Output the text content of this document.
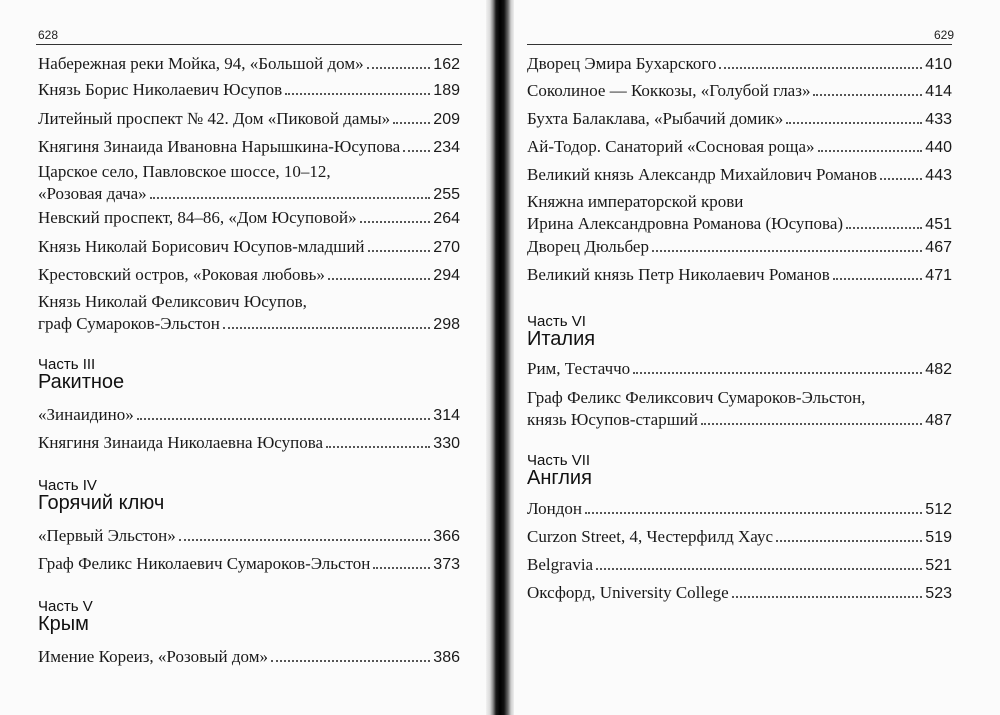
628	629
Набережная реки Мойка, 94, «Большой дом»	162
Князь Борис Николаевич Юсупов	189
Литейный проспект № 42. Дом «Пиковой дамы»	209
Княгиня Зинаида Ивановна Нарышкина-Юсупова 234
Царское село, Павловское шоссе, 10–12,
«Розовая дача»	255
Невский проспект, 84–86, «Дом Юсуповой»	264
Князь Николай Борисович Юсупов-младший	270
Крестовский остров, «Роковая любовь»	294
Князь Николай Феликсович Юсупов,
граф Сумароков-Эльстон	298
Часть III
Ракитное
«Зинаидино»	314
Княгиня Зинаида Николаевна Юсупова	330
Часть IV
Горячий ключ
«Первый Эльстон»	366
Граф Феликс Николаевич Сумароков-Эльстон	373
Часть V
Крым
Имение Кореиз, «Розовый дом»	386
Дворец Эмира Бухарского	410
Соколиное — Коккозы, «Голубой глаз»	414
Бухта Балаклава, «Рыбачий домик»	433
Ай-Тодор. Санаторий «Сосновая роща»	440
Великий князь Александр Михайлович Романов	443
Княжна императорской крови
Ирина Александровна Романова (Юсупова)	451
Дворец Дюльбер	467
Великий князь Петр Николаевич Романов	471
Часть VI
Италия
Рим, Тестаччо	482
Граф Феликс Феликсович Сумароков-Эльстон,
князь Юсупов-старший	487
Часть VII
Англия
Лондон	512
Curzon Street, 4, Честерфилд Хаус	519
Belgravia	521
Оксфорд, University College	523
